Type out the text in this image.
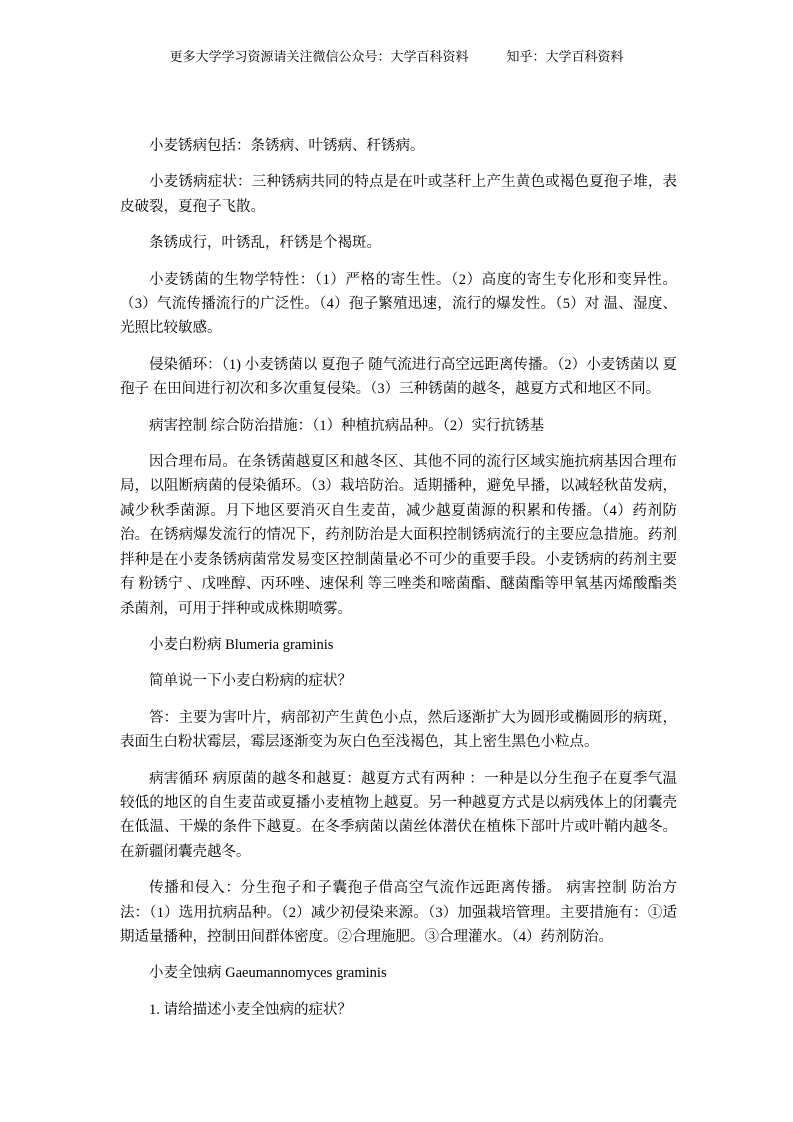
更多大学学习资源请关注微信公众号：大学百科资料	知乎：大学百科资料

小麦锈病包括：条锈病、叶锈病、秆锈病。

小麦锈病症状：三种锈病共同的特点是在叶或茎秆上产生黄色或褐色夏孢子堆，表皮破裂，夏孢子飞散。

条锈成行，叶锈乱，秆锈是个褐斑。

小麦锈菌的生物学特性：（1）严格的寄生性。（2）高度的寄生专化形和变异性。（3）气流传播流行的广泛性。（4）孢子繁殖迅速，流行的爆发性。（5）对 温、湿度、光照比较敏感。

侵染循环：（1) 小麦锈菌以 夏孢子 随气流进行高空远距离传播。（2）小麦锈菌以 夏孢子 在田间进行初次和多次重复侵染。（3）三种锈菌的越冬，越夏方式和地区不同。

病害控制 综合防治措施：（1）种植抗病品种。（2）实行抗锈基

因合理布局。在条锈菌越夏区和越冬区、其他不同的流行区域实施抗病基因合理布局，以阻断病菌的侵染循环。（3）栽培防治。适期播种，避免早播，以减轻秋苗发病，减少秋季菌源。月下地区要消灭自生麦苗，减少越夏菌源的积累和传播。（4）药剂防治。在锈病爆发流行的情况下，药剂防治是大面积控制锈病流行的主要应急措施。药剂拌种是在小麦条锈病菌常发易变区控制菌量必不可少的重要手段。小麦锈病的药剂主要有 粉锈宁 、戊唑醇、丙环唑、速保利 等三唑类和嘧菌酯、醚菌酯等甲氧基丙烯酸酯类杀菌剂，可用于拌种或成株期喷雾。

小麦白粉病 Blumeria graminis

简单说一下小麦白粉病的症状？

答：主要为害叶片，病部初产生黄色小点，然后逐渐扩大为圆形或椭圆形的病斑，表面生白粉状霉层，霉层逐渐变为灰白色至浅褐色，其上密生黑色小粒点。

病害循环 病原菌的越冬和越夏：越夏方式有两种 ：一种是以分生孢子在夏季气温较低的地区的自生麦苗或夏播小麦植物上越夏。另一种越夏方式是以病残体上的闭囊壳在低温、干燥的条件下越夏。在冬季病菌以菌丝体潜伏在植株下部叶片或叶鞘内越冬。在新疆闭囊壳越冬。

传播和侵入：分生孢子和子囊孢子借高空气流作远距离传播。 病害控制 防治方法：（1）选用抗病品种。（2）减少初侵染来源。（3）加强栽培管理。主要措施有：①适期适量播种，控制田间群体密度。②合理施肥。③合理灌水。（4）药剂防治。

小麦全蚀病 Gaeumannomyces graminis

1. 请给描述小麦全蚀病的症状？
